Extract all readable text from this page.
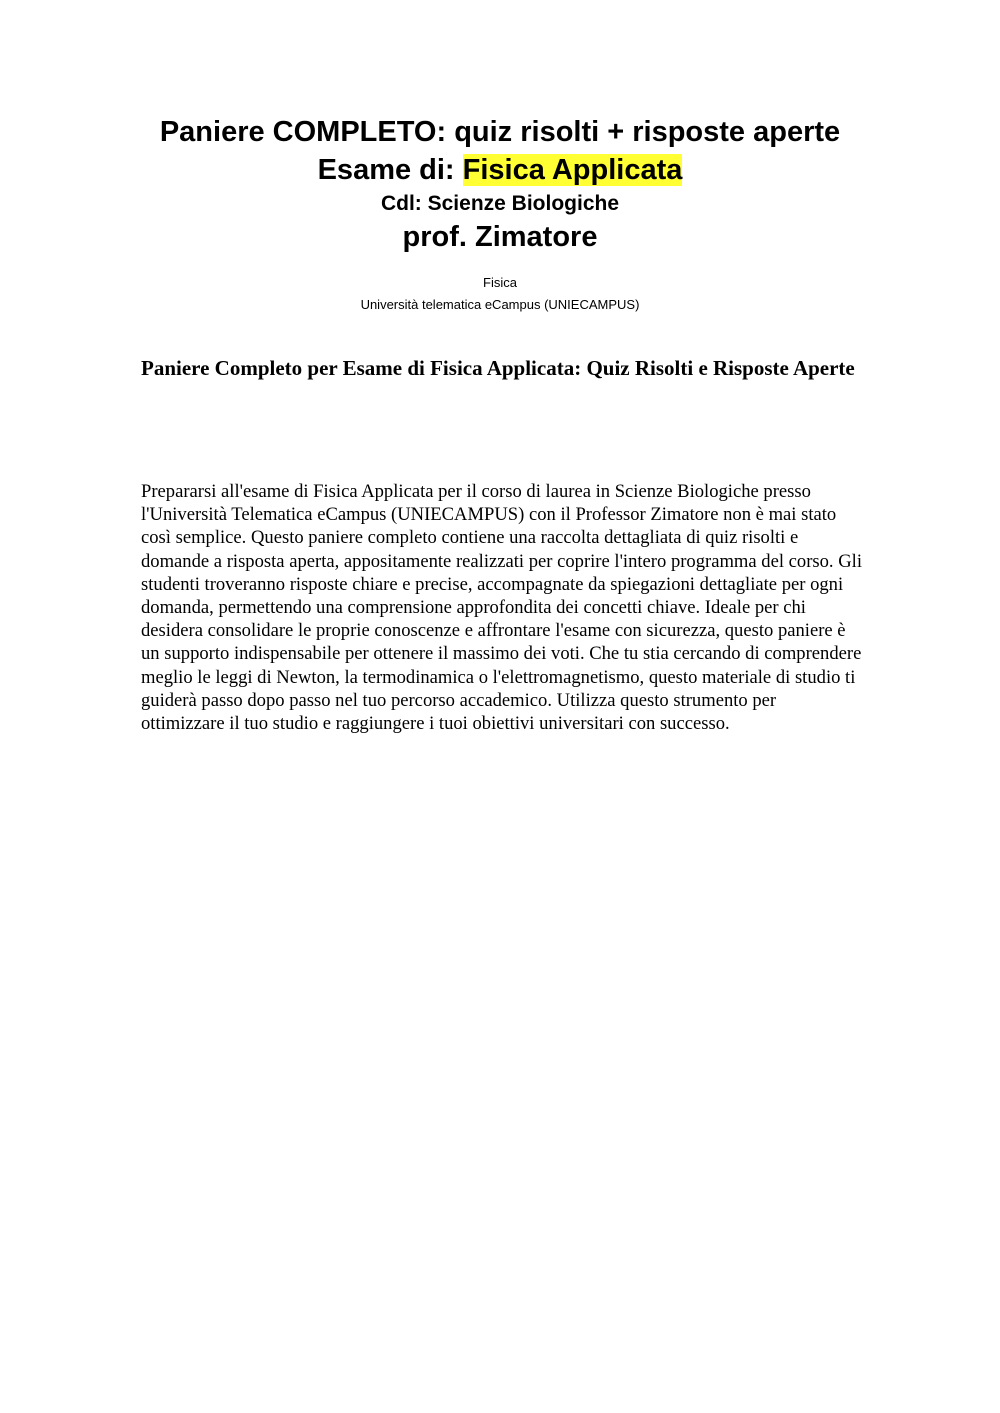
Paniere COMPLETO: quiz risolti + risposte aperte
Esame di: Fisica Applicata
Cdl: Scienze Biologiche
prof. Zimatore
Fisica
Università telematica eCampus (UNIECAMPUS)
Paniere Completo per Esame di Fisica Applicata: Quiz Risolti e Risposte Aperte

Prepararsi all'esame di Fisica Applicata per il corso di laurea in Scienze Biologiche presso l'Università Telematica eCampus (UNIECAMPUS) con il Professor Zimatore non è mai stato così semplice. Questo paniere completo contiene una raccolta dettagliata di quiz risolti e domande a risposta aperta, appositamente realizzati per coprire l'intero programma del corso. Gli studenti troveranno risposte chiare e precise, accompagnate da spiegazioni dettagliate per ogni domanda, permettendo una comprensione approfondita dei concetti chiave. Ideale per chi desidera consolidare le proprie conoscenze e affrontare l'esame con sicurezza, questo paniere è un supporto indispensabile per ottenere il massimo dei voti. Che tu stia cercando di comprendere meglio le leggi di Newton, la termodinamica o l'elettromagnetismo, questo materiale di studio ti guiderà passo dopo passo nel tuo percorso accademico. Utilizza questo strumento per ottimizzare il tuo studio e raggiungere i tuoi obiettivi universitari con successo.
